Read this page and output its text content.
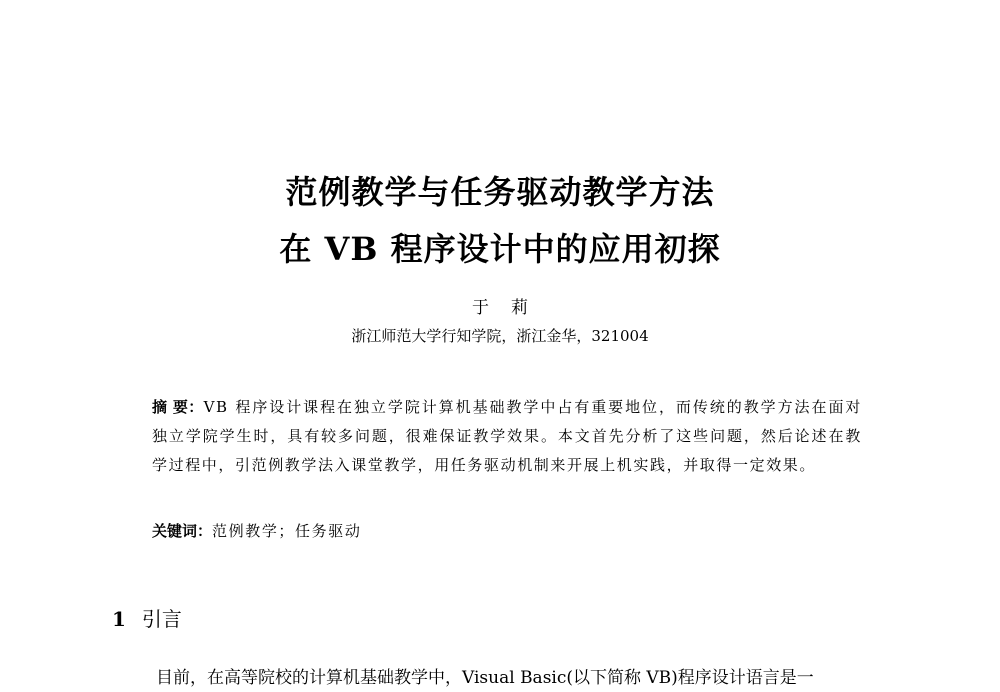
范例教学与任务驱动教学方法
在 VB 程序设计中的应用初探
于莉
浙江师范大学行知学院，浙江金华，321004
摘 要：VB 程序设计课程在独立学院计算机基础教学中占有重要地位，而传统的教学方法在面对独立学院学生时，具有较多问题，很难保证教学效果。本文首先分析了这些问题，然后论述在教学过程中，引范例教学法入课堂教学，用任务驱动机制来开展上机实践，并取得一定效果。
关键词：范例教学；任务驱动
1 引言
目前，在高等院校的计算机基础教学中，Visual Basic(以下简称 VB)程序设计语言是一
